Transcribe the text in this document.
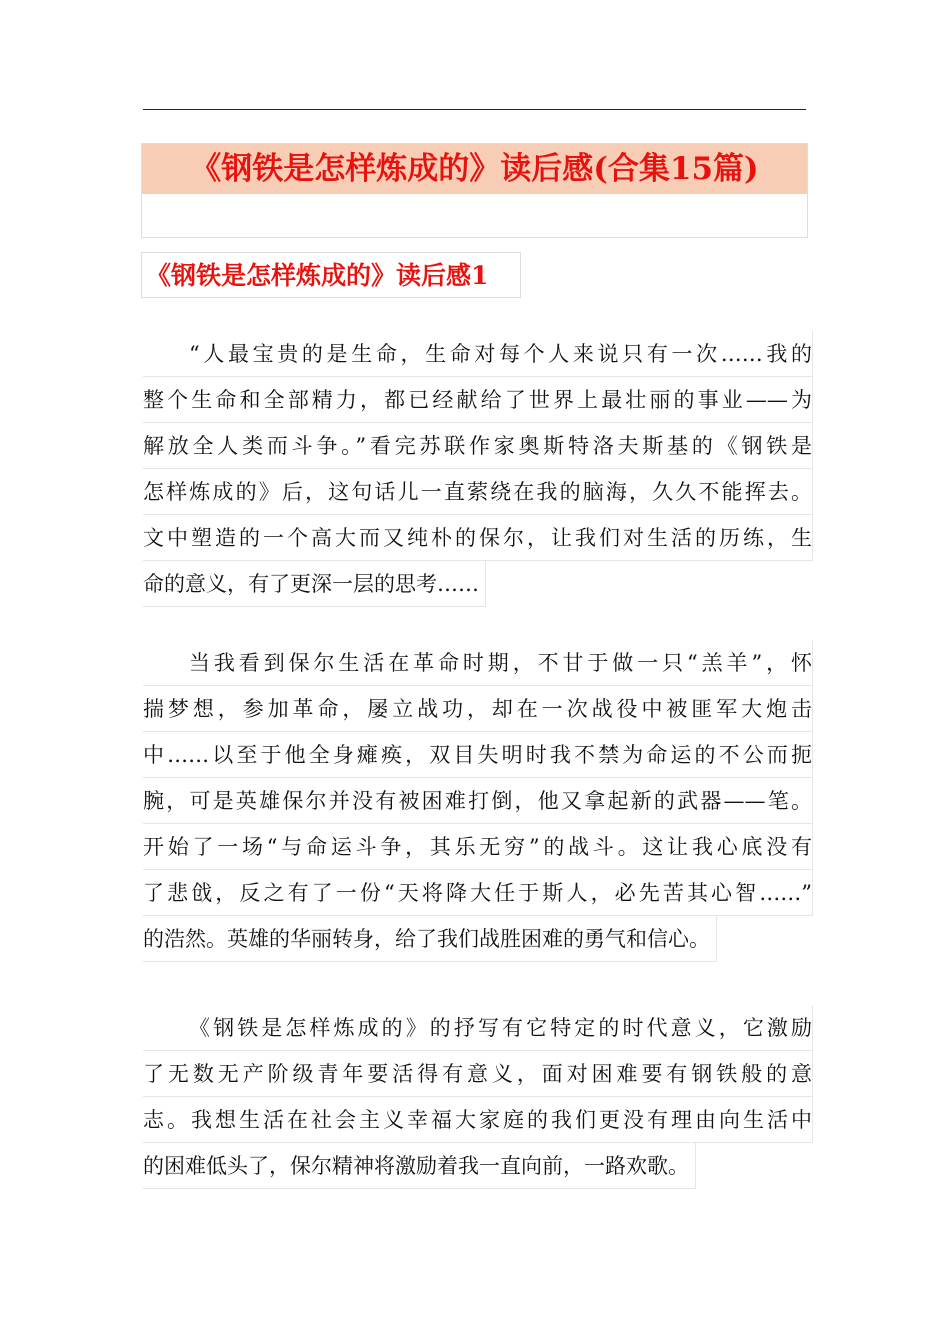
《钢铁是怎样炼成的》读后感(合集15篇)
《钢铁是怎样炼成的》读后感1
“人最宝贵的是生命，生命对每个人来说只有一次……我的
整个生命和全部精力，都已经献给了世界上最壮丽的事业——为
解放全人类而斗争。”看完苏联作家奥斯特洛夫斯基的《钢铁是
怎样炼成的》后，这句话儿一直萦绕在我的脑海，久久不能挥去。
文中塑造的一个高大而又纯朴的保尔，让我们对生活的历练，生
命的意义，有了更深一层的思考……
当我看到保尔生活在革命时期，不甘于做一只“羔羊”，怀
揣梦想，参加革命，屡立战功，却在一次战役中被匪军大炮击
中……以至于他全身瘫痪，双目失明时我不禁为命运的不公而扼
腕，可是英雄保尔并没有被困难打倒，他又拿起新的武器——笔。
开始了一场“与命运斗争，其乐无穷”的战斗。这让我心底没有
了悲戗，反之有了一份“天将降大任于斯人，必先苦其心智……”
的浩然。英雄的华丽转身，给了我们战胜困难的勇气和信心。
《钢铁是怎样炼成的》的抒写有它特定的时代意义，它激励
了无数无产阶级青年要活得有意义，面对困难要有钢铁般的意
志。我想生活在社会主义幸福大家庭的我们更没有理由向生活中
的困难低头了，保尔精神将激励着我一直向前，一路欢歌。
